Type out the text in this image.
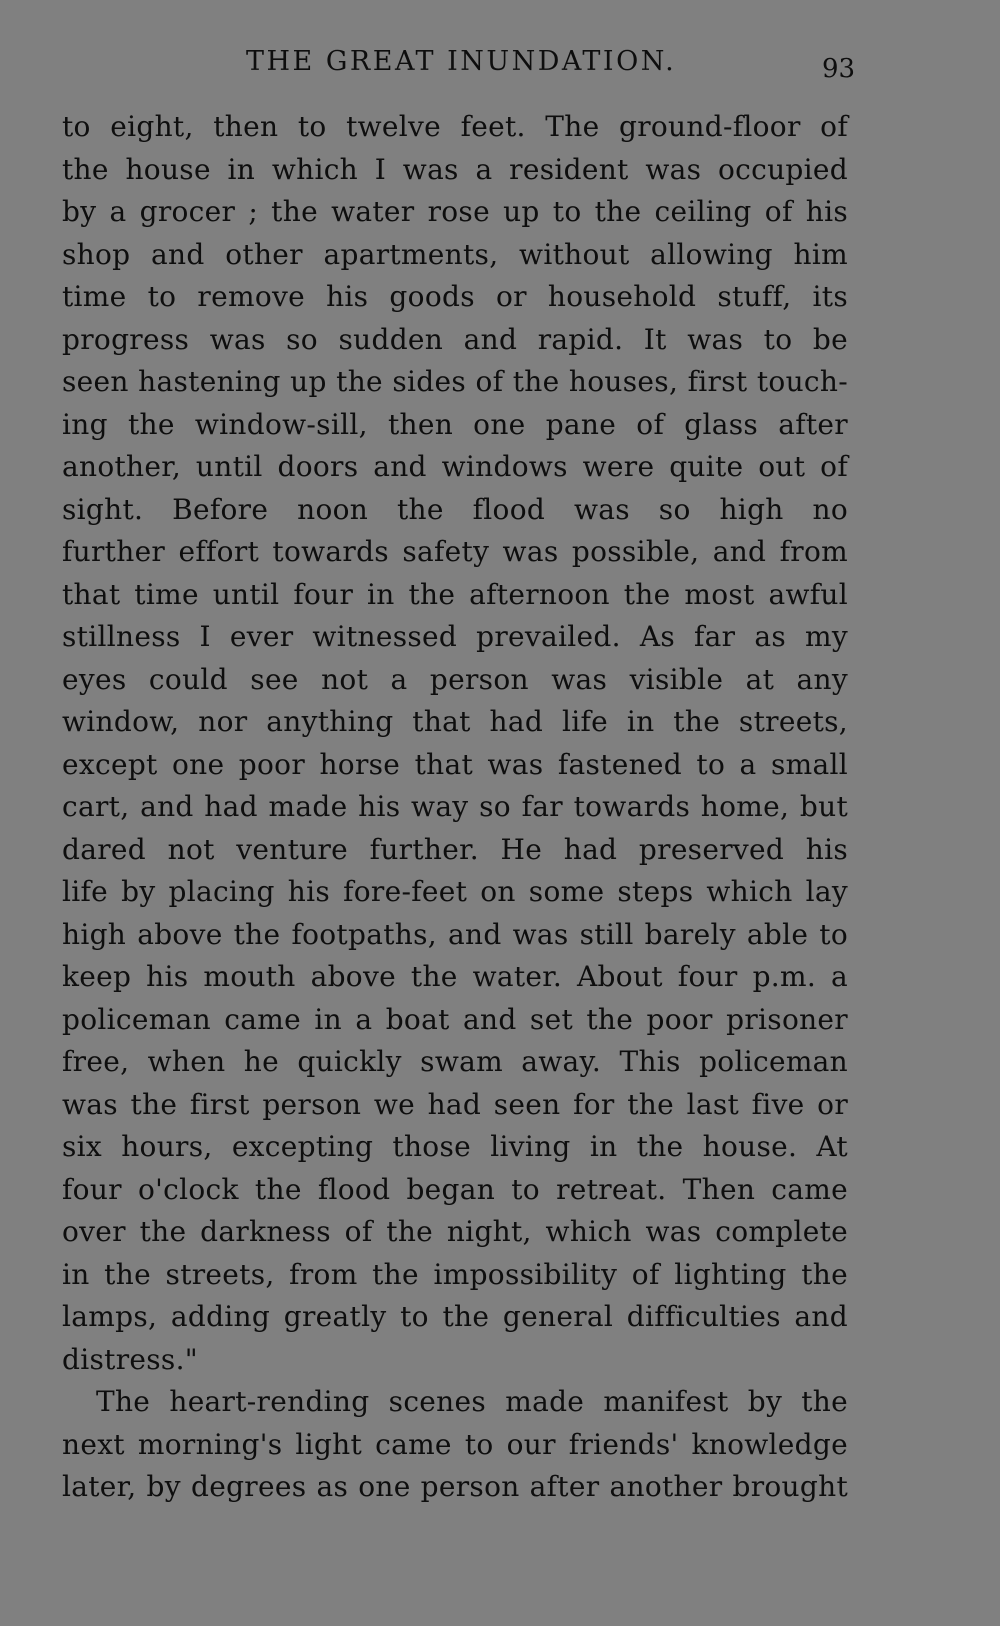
THE GREAT INUNDATION.	93
to eight, then to twelve feet. The ground-floor of
the house in which I was a resident was occupied
by a grocer ; the water rose up to the ceiling of his
shop and other apartments, without allowing him
time to remove his goods or household stuff, its
progress was so sudden and rapid. It was to be
seen hastening up the sides of the houses, first touch-
ing the window-sill, then one pane of glass after
another, until doors and windows were quite out of
sight. Before noon the flood was so high no
further effort towards safety was possible, and from
that time until four in the afternoon the most awful
stillness I ever witnessed prevailed. As far as my
eyes could see not a person was visible at any
window, nor anything that had life in the streets,
except one poor horse that was fastened to a small
cart, and had made his way so far towards home, but
dared not venture further. He had preserved his
life by placing his fore-feet on some steps which lay
high above the footpaths, and was still barely able to
keep his mouth above the water. About four p.m. a
policeman came in a boat and set the poor prisoner
free, when he quickly swam away. This policeman
was the first person we had seen for the last five or
six hours, excepting those living in the house. At
four o'clock the flood began to retreat. Then came
over the darkness of the night, which was complete
in the streets, from the impossibility of lighting the
lamps, adding greatly to the general difficulties and
distress."
The heart-rending scenes made manifest by the
next morning's light came to our friends' knowledge
later, by degrees as one person after another brought
